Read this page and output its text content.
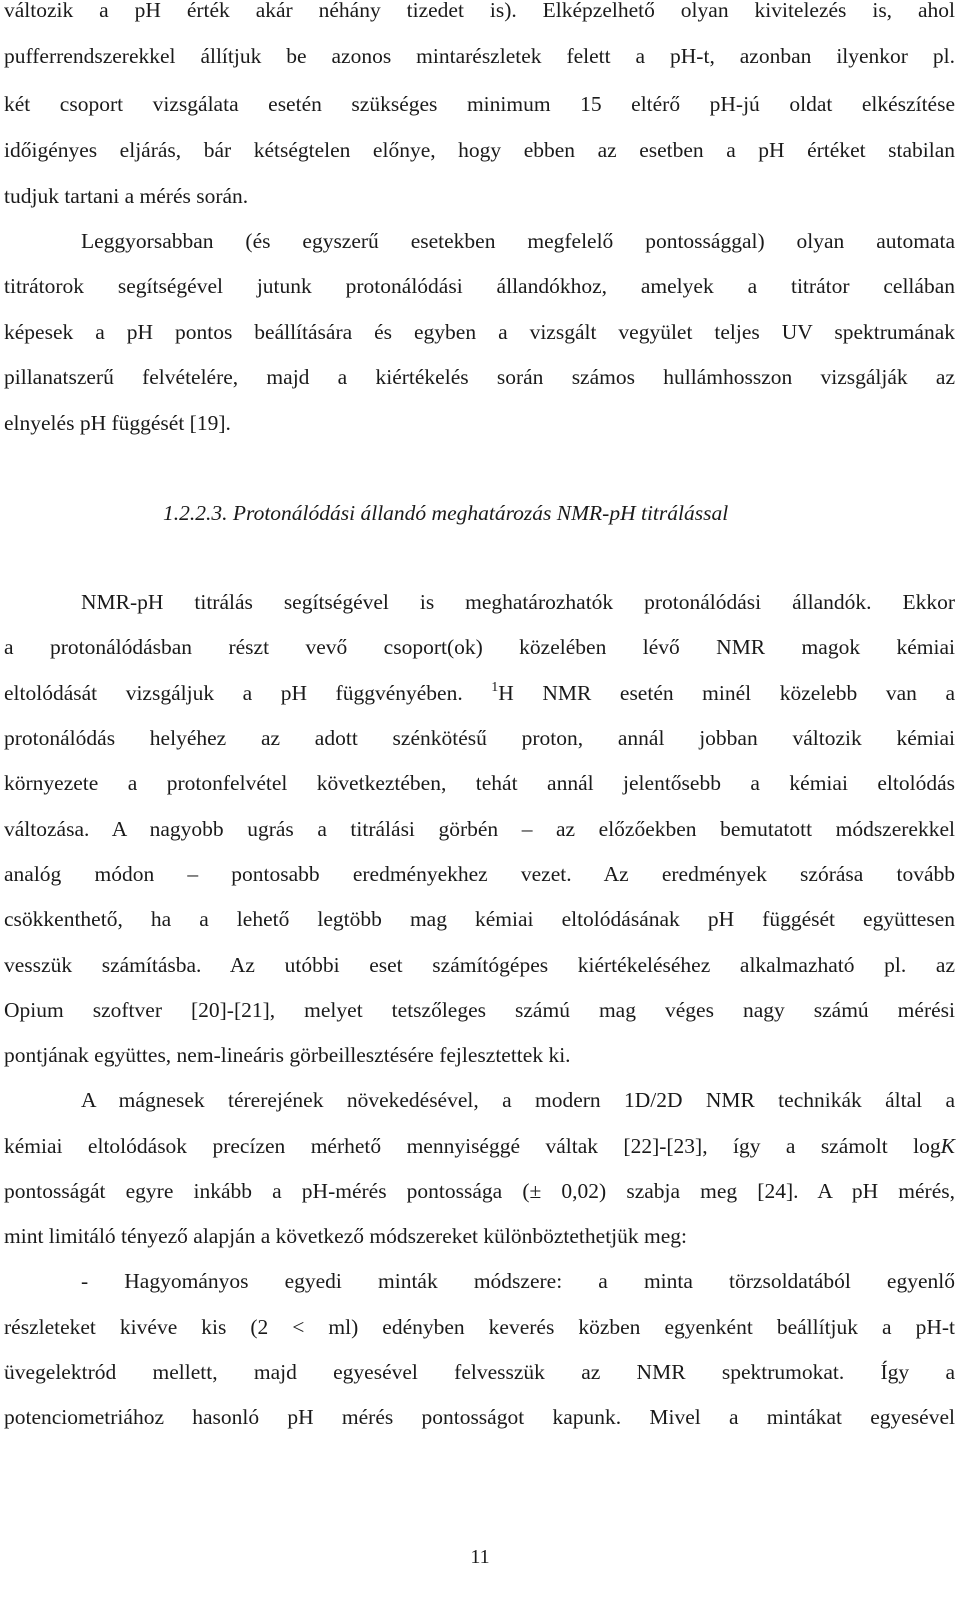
változik a pH érték akár néhány tizedet is). Elképzelhető olyan kivitelezés is, ahol
pufferrendszerekkel állítjuk be azonos mintarészletek felett a pH-t, azonban ilyenkor pl.
két csoport vizsgálata esetén szükséges minimum 15 eltérő pH-jú oldat elkészítése
időigényes eljárás, bár kétségtelen előnye, hogy ebben az esetben a pH értéket stabilan
tudjuk tartani a mérés során.
Leggyorsabban (és egyszerű esetekben megfelelő pontossággal) olyan automata
titrátorok segítségével jutunk protonálódási állandókhoz, amelyek a titrátor cellában
képesek a pH pontos beállítására és egyben a vizsgált vegyület teljes UV spektrumának
pillanatszerű felvételére, majd a kiértékelés során számos hullámhosszon vizsgálják az
elnyelés pH függését [19].
1.2.2.3. Protonálódási állandó meghatározás NMR-pH titrálással
NMR-pH titrálás segítségével is meghatározhatók protonálódási állandók. Ekkor
a protonálódásban részt vevő csoport(ok) közelében lévő NMR magok kémiai
eltolódását vizsgáljuk a pH függvényében. $^1$H NMR esetén minél közelebb van a
protonálódás helyéhez az adott szénkötésű proton, annál jobban változik kémiai
környezete a protonfelvétel következtében, tehát annál jelentősebb a kémiai eltolódás
változása. A nagyobb ugrás a titrálási görbén – az előzőekben bemutatott módszerekkel
analóg módon – pontosabb eredményekhez vezet. Az eredmények szórása tovább
csökkenthető, ha a lehető legtöbb mag kémiai eltolódásának pH függését együttesen
vesszük számításba. Az utóbbi eset számítógépes kiértékeléséhez alkalmazható pl. az
Opium szoftver [20]-[21], melyet tetszőleges számú mag véges nagy számú mérési
pontjának együttes, nem-lineáris görbeillesztésére fejlesztettek ki.
A mágnesek térerejének növekedésével, a modern 1D/2D NMR technikák által a
kémiai eltolódások precízen mérhető mennyiséggé váltak [22]-[23], így a számolt logK
pontosságát egyre inkább a pH-mérés pontossága (± 0,02) szabja meg [24]. A pH mérés,
mint limitáló tényező alapján a következő módszereket különböztethetjük meg:
- Hagyományos egyedi minták módszere: a minta törzsoldatából egyenlő
részleteket kivéve kis (2 < ml) edényben keverés közben egyenként beállítjuk a pH-t
üvegelektród mellett, majd egyesével felvesszük az NMR spektrumokat. Így a
potenciometriához hasonló pH mérés pontosságot kapunk. Mivel a mintákat egyesével
11
